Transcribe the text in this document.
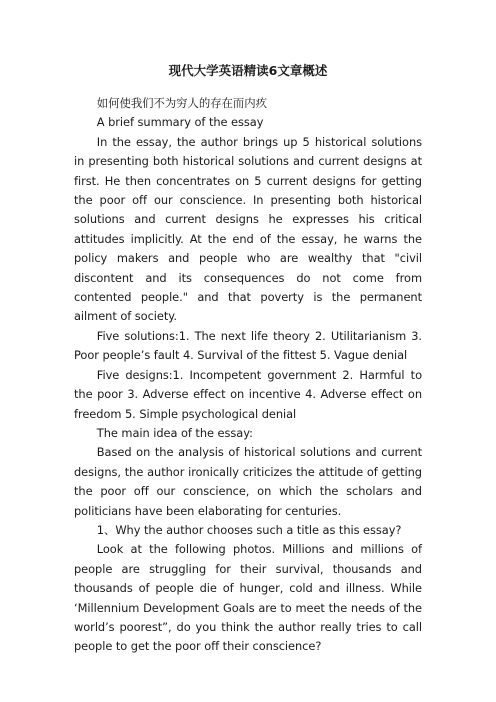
现代大学英语精读6文章概述

如何使我们不为穷人的存在而内疚

A brief summary of the essay

In the essay, the author brings up 5 historical solutions in presenting both historical solutions and current designs at first. He then concentrates on 5 current designs for getting the poor off our conscience. In presenting both historical solutions and current designs he expresses his critical attitudes implicitly. At the end of the essay, he warns the policy makers and people who are wealthy that "civil discontent and its consequences do not come from contented people." and that poverty is the permanent ailment of society.

Five solutions:1. The next life theory 2. Utilitarianism 3. Poor people’s fault 4. Survival of the fittest 5. Vague denial

Five designs:1. Incompetent government 2. Harmful to the poor 3. Adverse effect on incentive 4. Adverse effect on freedom 5. Simple psychological denial

The main idea of the essay:

Based on the analysis of historical solutions and current designs, the author ironically criticizes the attitude of getting the poor off our conscience, on which the scholars and politicians have been elaborating for centuries.

1、Why the author chooses such a title as this essay?

Look at the following photos. Millions and millions of people are struggling for their survival, thousands and thousands of people die of hunger, cold and illness. While ‘Millennium Development Goals are to meet the needs of the world’s poorest”, do you think the author really tries to call people to get the poor off their conscience?
